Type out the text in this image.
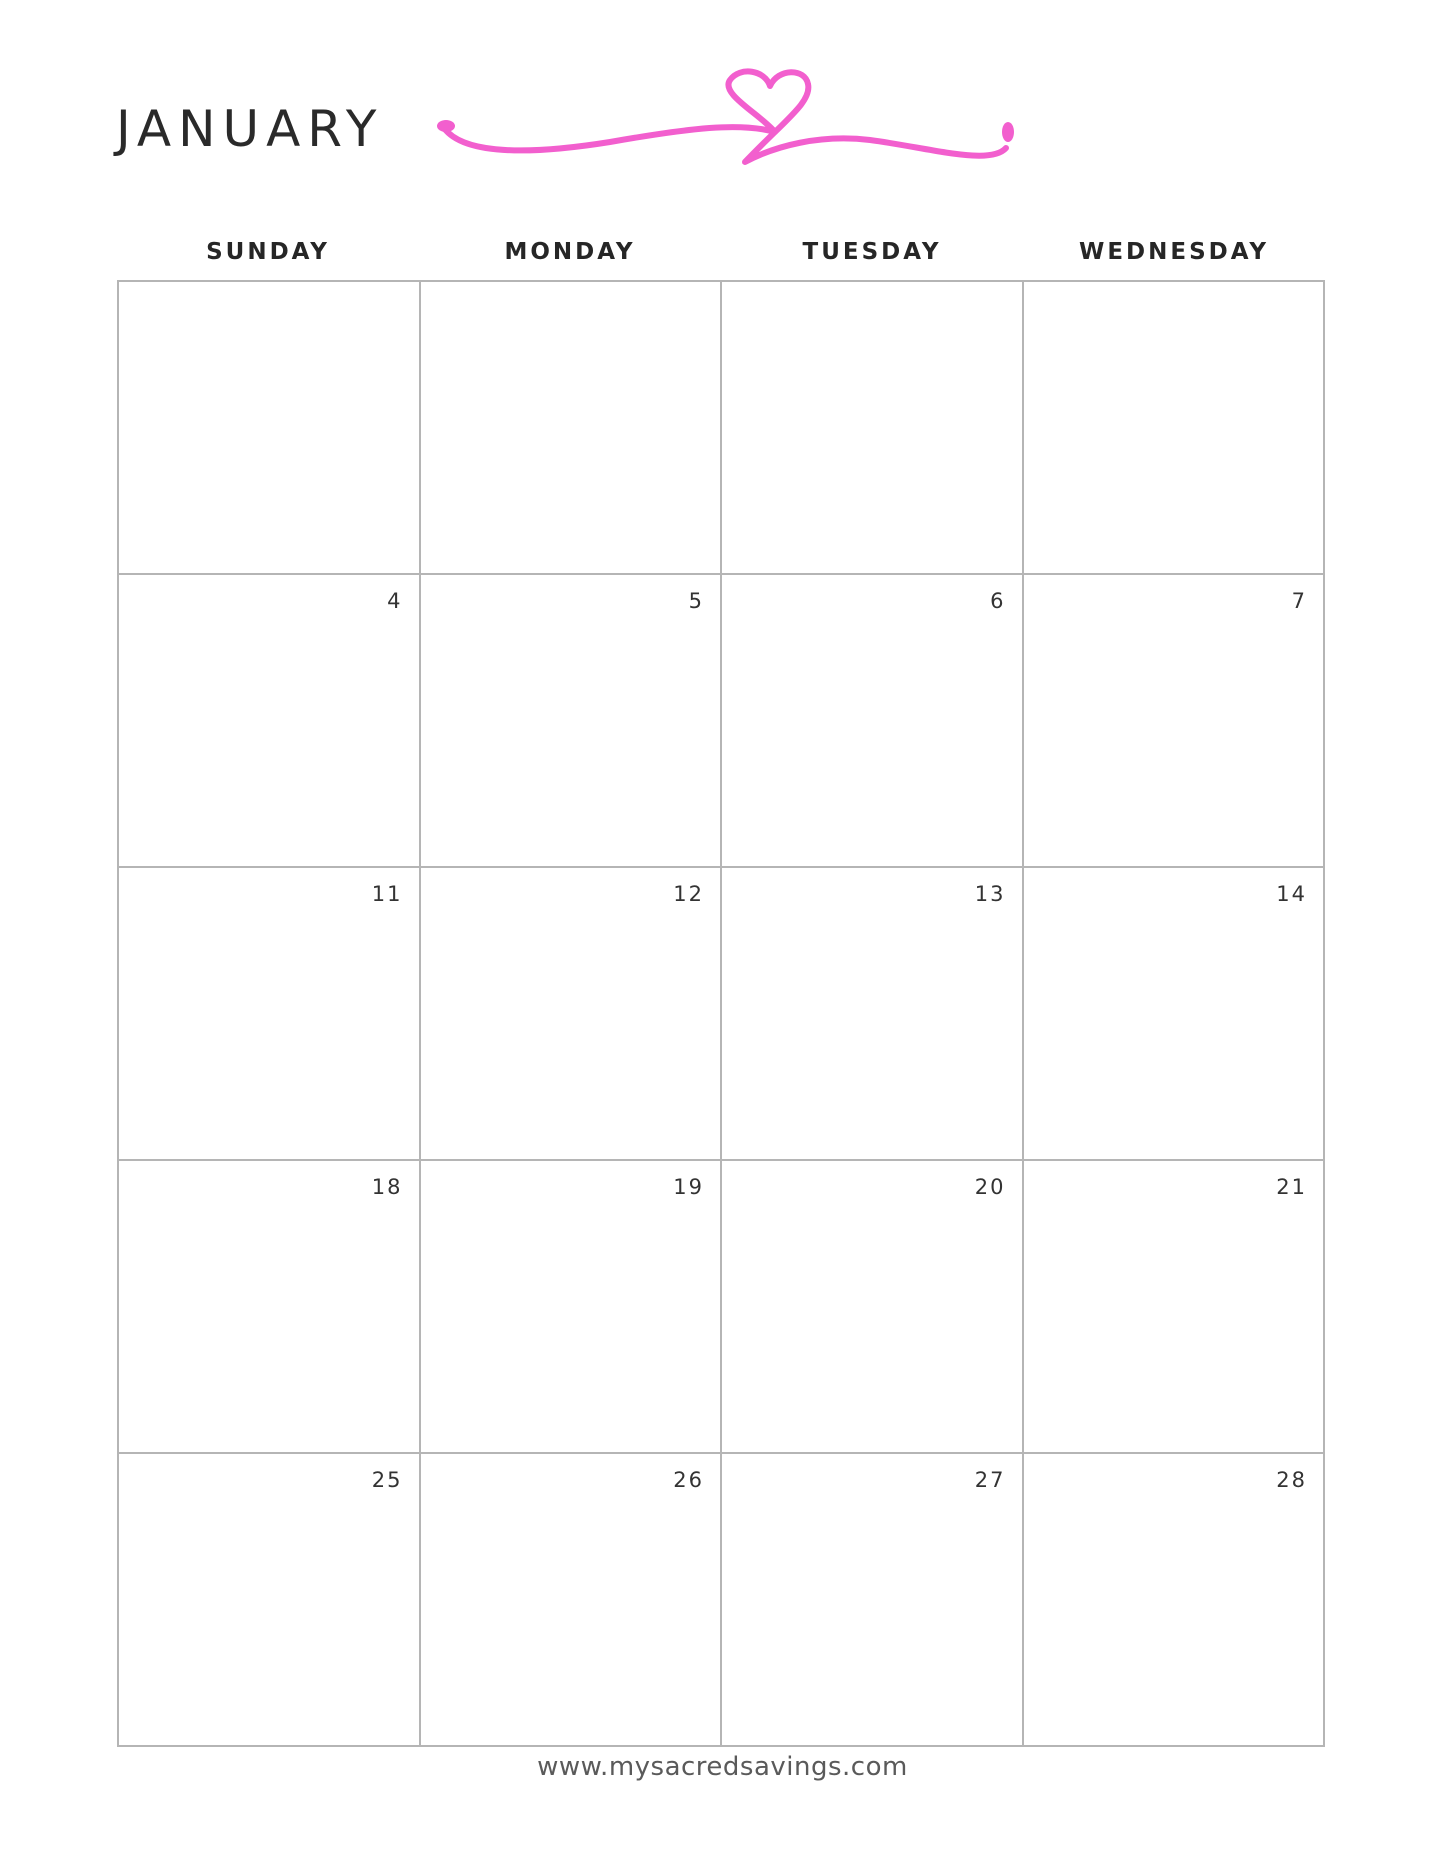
JANUARY
SUNDAY	MONDAY	TUESDAY	WEDNESDAY
4	5	6	7
11	12	13	14
18	19	20	21
25	26	27	28
www.mysacredsavings.com
